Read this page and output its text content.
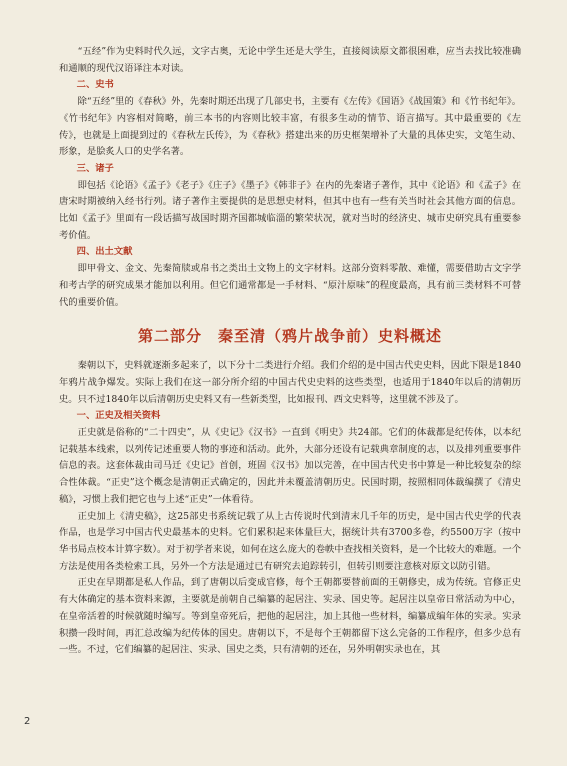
“五经”作为史料时代久远，文字古奥，无论中学生还是大学生，直接阅读原文都很困难，应当去找比较准确和通顺的现代汉语译注本对读。

二、史书

除“五经”里的《春秋》外，先秦时期还出现了几部史书，主要有《左传》《国语》《战国策》和《竹书纪年》。《竹书纪年》内容相对简略，前三本书的内容则比较丰富，有很多生动的情节、语言描写。其中最重要的《左传》，也就是上面提到过的《春秋左氏传》，为《春秋》搭建出来的历史框架增补了大量的具体史实，文笔生动、形象，是脍炙人口的史学名著。

三、诸子

即包括《论语》《孟子》《老子》《庄子》《墨子》《韩非子》在内的先秦诸子著作，其中《论语》和《孟子》在唐宋时期被纳入经书行列。诸子著作主要提供的是思想史材料，但其中也有一些有关当时社会其他方面的信息。比如《孟子》里面有一段话描写战国时期齐国都城临淄的繁荣状况，就对当时的经济史、城市史研究具有重要参考价值。

四、出土文献

即甲骨文、金文、先秦简牍或帛书之类出土文物上的文字材料。这部分资料零散、难懂，需要借助古文字学和考古学的研究成果才能加以利用。但它们通常都是一手材料、“原汁原味”的程度最高，具有前三类材料不可替代的重要价值。

第二部分　秦至清（鸦片战争前）史料概述

秦朝以下，史料就逐渐多起来了，以下分十二类进行介绍。我们介绍的是中国古代史史料，因此下限是1840年鸦片战争爆发。实际上我们在这一部分所介绍的中国古代史史料的这些类型，也适用于1840年以后的清朝历史。只不过1840年以后清朝历史史料又有一些新类型，比如报刊、西文史料等，这里就不涉及了。

一、正史及相关资料

正史就是俗称的“二十四史”，从《史记》《汉书》一直到《明史》共24部。它们的体裁都是纪传体，以本纪记载基本线索，以列传记述重要人物的事迹和活动。此外，大部分还设有记载典章制度的志，以及排列重要事件信息的表。这套体裁由司马迁《史记》首创，班固《汉书》加以完善，在中国古代史书中算是一种比较复杂的综合性体裁。“正史”这个概念是清朝正式确定的，因此并未覆盖清朝历史。民国时期，按照相同体裁编撰了《清史稿》，习惯上我们把它也与上述“正史”一体看待。

正史加上《清史稿》，这25部史书系统记载了从上古传说时代到清末几千年的历史，是中国古代史学的代表作品，也是学习中国古代史最基本的史料。它们累积起来体量巨大，据统计共有3700多卷，约5500万字（按中华书局点校本计算字数）。对于初学者来说，如何在这么庞大的卷帙中查找相关资料，是一个比较大的难题。一个方法是使用各类检索工具，另外一个方法是通过已有研究去追踪转引，但转引则要注意核对原文以防引错。

正史在早期都是私人作品，到了唐朝以后变成官修，每个王朝都要替前面的王朝修史，成为传统。官修正史有大体确定的基本资料来源，主要就是前朝自己编纂的起居注、实录、国史等。起居注以皇帝日常活动为中心，在皇帝活着的时候就随时编写。等到皇帝死后，把他的起居注，加上其他一些材料，编纂成编年体的实录。实录积攒一段时间，再汇总改编为纪传体的国史。唐朝以下，不是每个王朝都留下这么完备的工作程序，但多少总有一些。不过，它们编纂的起居注、实录、国史之类，只有清朝的还在，另外明朝实录也在，其

2
